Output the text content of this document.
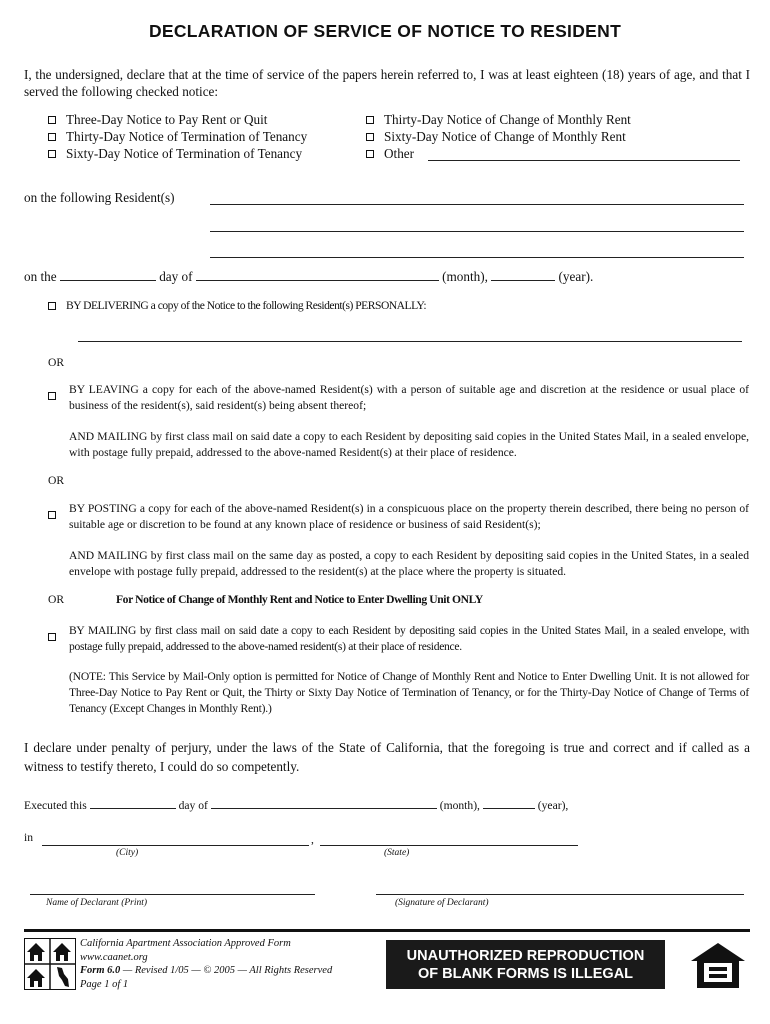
DECLARATION OF SERVICE OF NOTICE TO RESIDENT
I, the undersigned, declare that at the time of service of the papers herein referred to, I was at least eighteen (18) years of age, and that I served the following checked notice:
Three-Day Notice to Pay Rent or Quit
Thirty-Day Notice of Termination of Tenancy
Sixty-Day Notice of Termination of Tenancy
Thirty-Day Notice of Change of Monthly Rent
Sixty-Day Notice of Change of Monthly Rent
Other
on the following Resident(s)
on the	day of	(month),	(year).
BY DELIVERING a copy of the Notice to the following Resident(s) PERSONALLY:
OR
BY LEAVING a copy for each of the above-named Resident(s) with a person of suitable age and discretion at the residence or usual place of business of the resident(s), said resident(s) being absent thereof;
AND MAILING by first class mail on said date a copy to each Resident by depositing said copies in the United States Mail, in a sealed envelope, with postage fully prepaid, addressed to the above-named Resident(s) at their place of residence.
OR
BY POSTING a copy for each of the above-named Resident(s) in a conspicuous place on the property therein described, there being no person of suitable age or discretion to be found at any known place of residence or business of said Resident(s);
AND MAILING by first class mail on the same day as posted, a copy to each Resident by depositing said copies in the United States, in a sealed envelope with postage fully prepaid, addressed to the resident(s) at the place where the property is situated.
OR	For Notice of Change of Monthly Rent and Notice to Enter Dwelling Unit ONLY
BY MAILING by first class mail on said date a copy to each Resident by depositing said copies in the United States Mail, in a sealed envelope, with postage fully prepaid, addressed to the above-named resident(s) at their place of residence.
(NOTE: This Service by Mail-Only option is permitted for Notice of Change of Monthly Rent and Notice to Enter Dwelling Unit. It is not allowed for Three-Day Notice to Pay Rent or Quit, the Thirty or Sixty Day Notice of Termination of Tenancy, or for the Thirty-Day Notice of Change of Terms of Tenancy (Except Changes in Monthly Rent).)
I declare under penalty of perjury, under the laws of the State of California, that the foregoing is true and correct and if called as a witness to testify thereto, I could do so competently.
Executed this	day of	(month),	(year),
in	,
(City)	(State)
Name of Declarant (Print)	(Signature of Declarant)
California Apartment Association Approved Form
www.caanet.org
Form 6.0 — Revised 1/05 — © 2005 — All Rights Reserved
Page 1 of 1
UNAUTHORIZED REPRODUCTION
OF BLANK FORMS IS ILLEGAL
